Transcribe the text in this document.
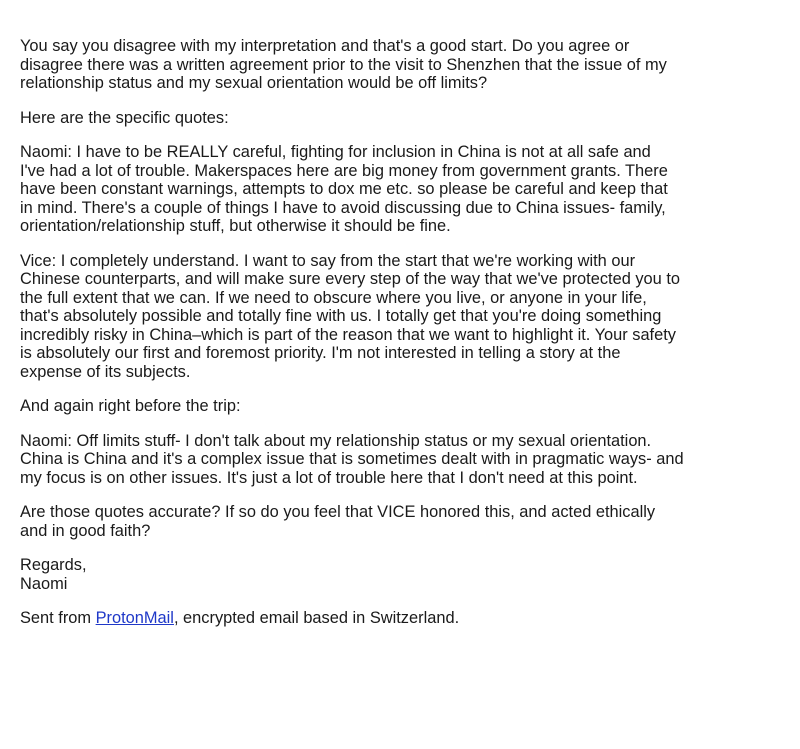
You say you disagree with my interpretation and that's a good start. Do you agree or
disagree there was a written agreement prior to the visit to Shenzhen that the issue of my
relationship status and my sexual orientation would be off limits?

Here are the specific quotes:

Naomi: I have to be REALLY careful, fighting for inclusion in China is not at all safe and
I've had a lot of trouble. Makerspaces here are big money from government grants. There
have been constant warnings, attempts to dox me etc. so please be careful and keep that
in mind. There's a couple of things I have to avoid discussing due to China issues- family,
orientation/relationship stuff, but otherwise it should be fine.

Vice: I completely understand. I want to say from the start that we're working with our
Chinese counterparts, and will make sure every step of the way that we've protected you to
the full extent that we can. If we need to obscure where you live, or anyone in your life,
that's absolutely possible and totally fine with us. I totally get that you're doing something
incredibly risky in China–which is part of the reason that we want to highlight it. Your safety
is absolutely our first and foremost priority. I'm not interested in telling a story at the
expense of its subjects.

And again right before the trip:

Naomi: Off limits stuff- I don't talk about my relationship status or my sexual orientation.
China is China and it's a complex issue that is sometimes dealt with in pragmatic ways- and
my focus is on other issues. It's just a lot of trouble here that I don't need at this point.

Are those quotes accurate? If so do you feel that VICE honored this, and acted ethically
and in good faith?

Regards,
Naomi

Sent from ProtonMail, encrypted email based in Switzerland.
